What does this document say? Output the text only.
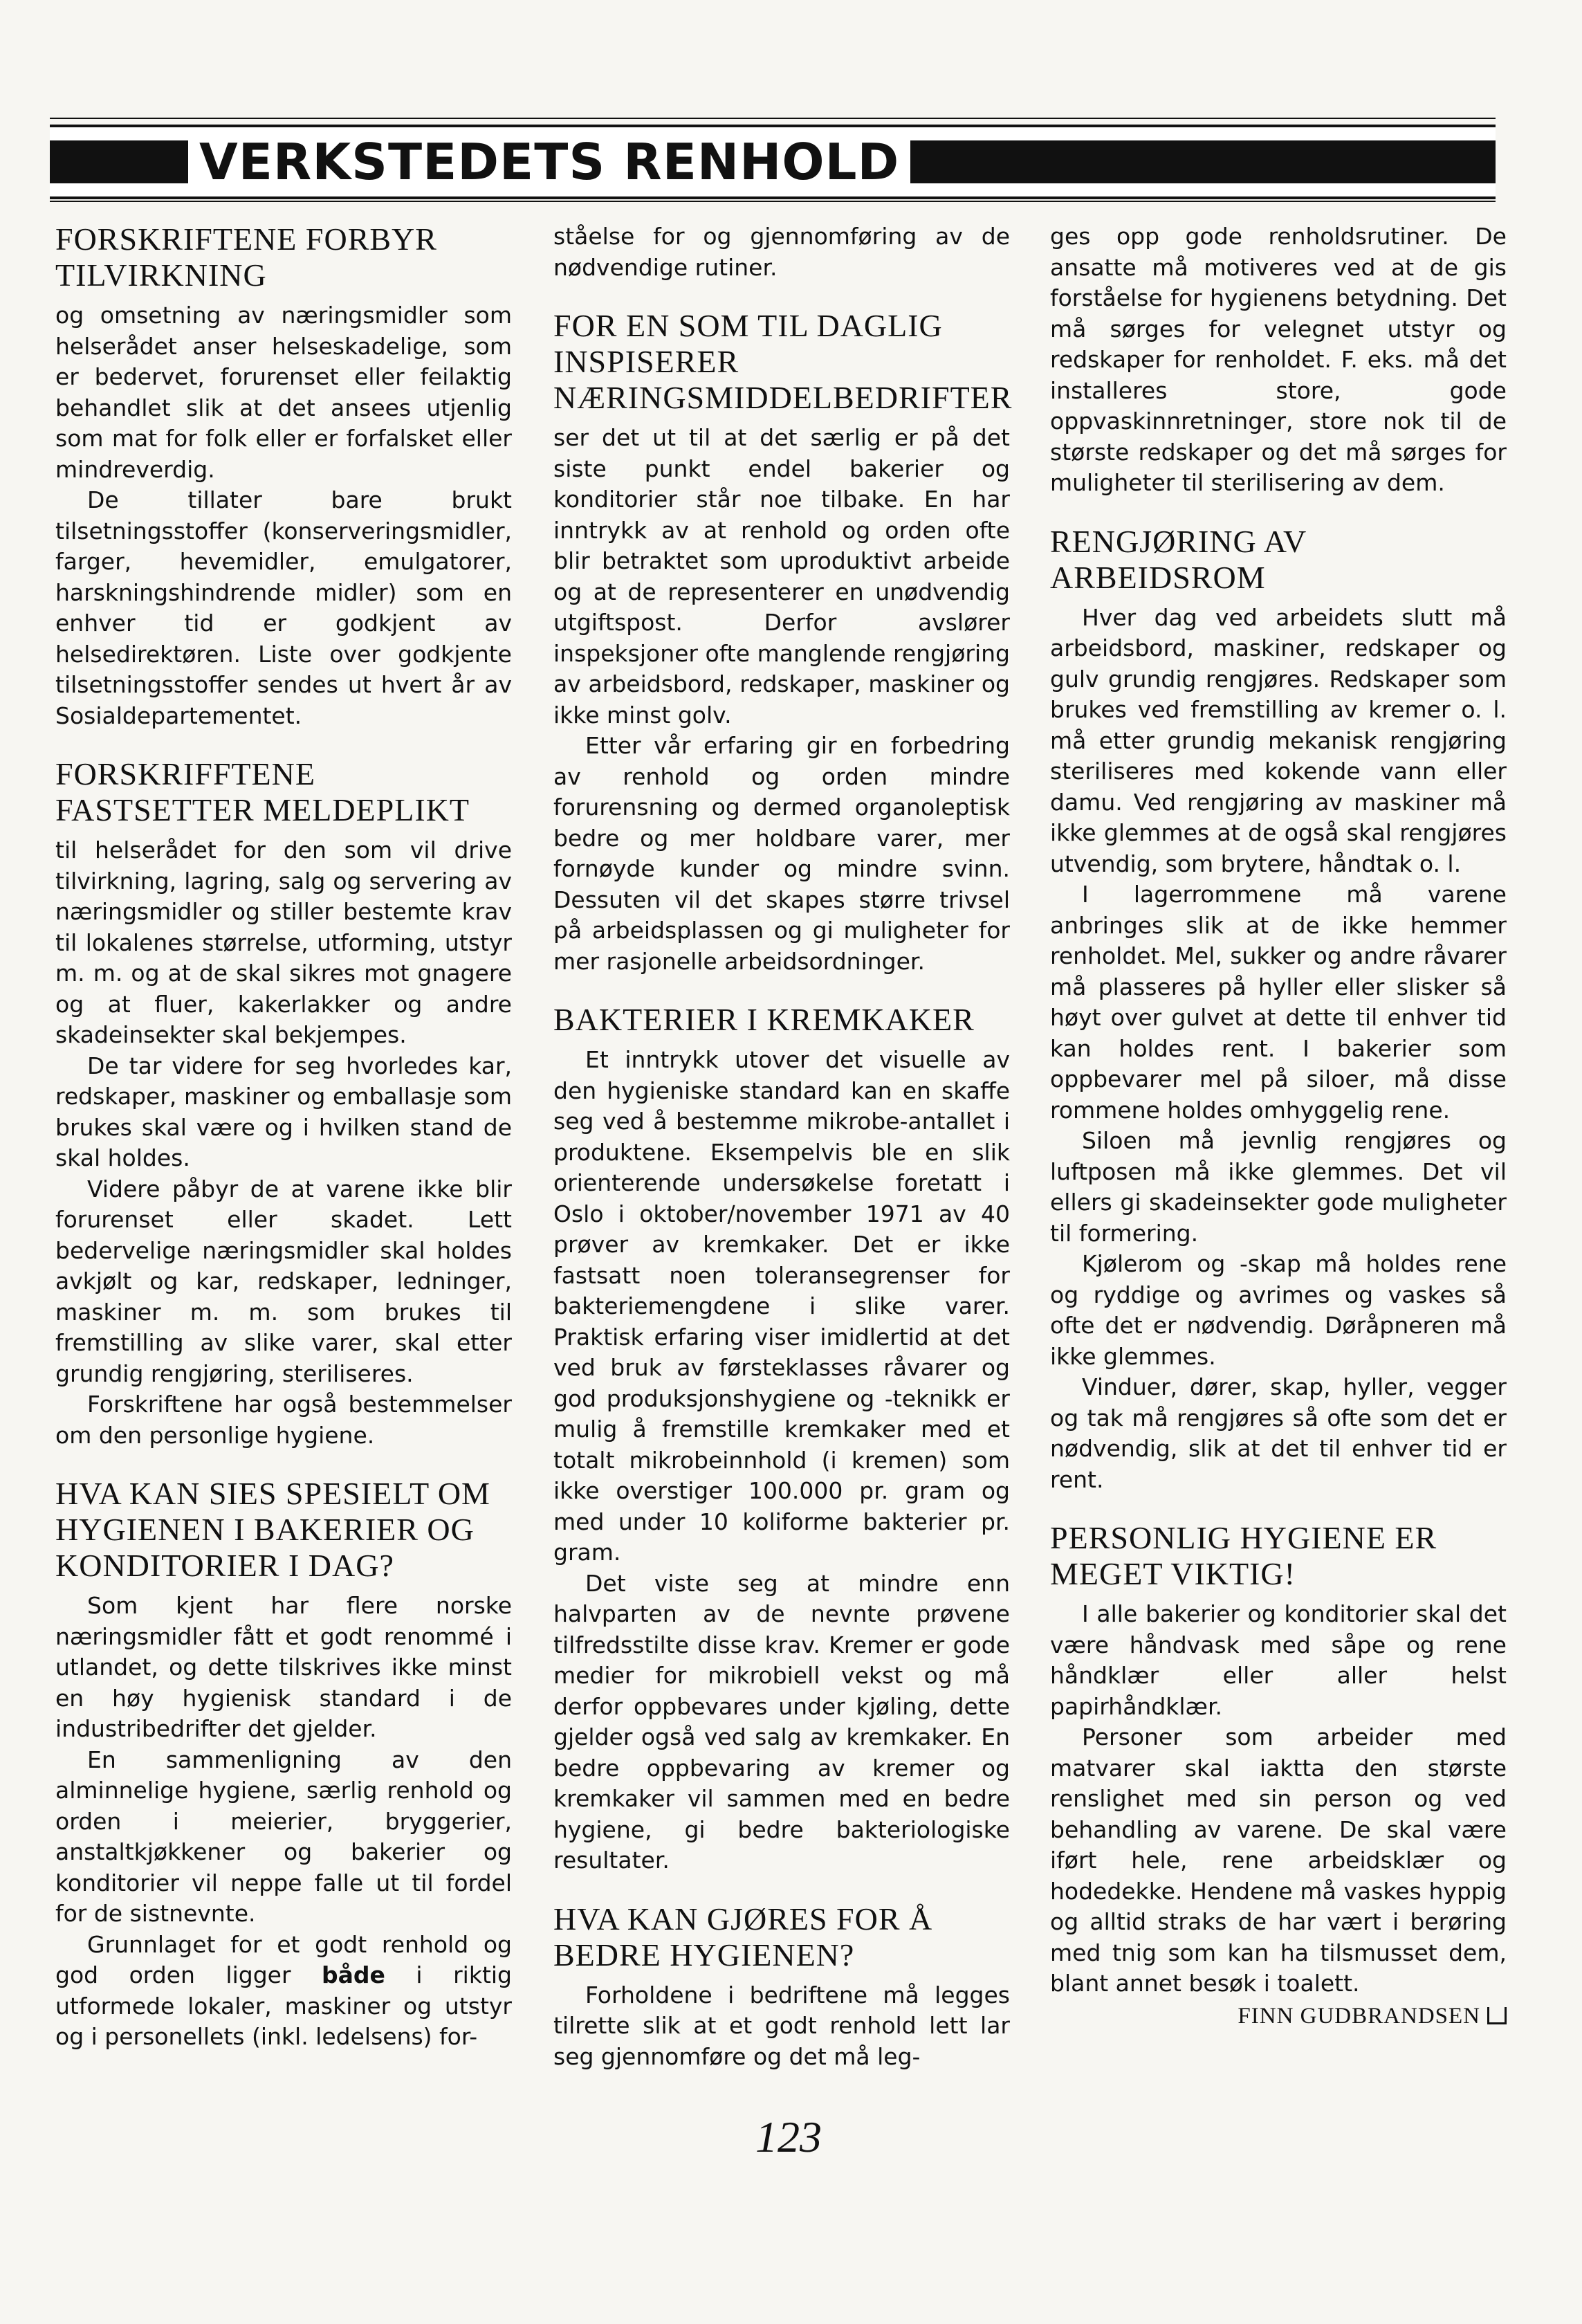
VERKSTEDETS RENHOLD
FORSKRIFTENE FORBYR TILVIRKNING

og omsetning av næringsmidler som helserådet anser helseskadelige, som er bedervet, forurenset eller feilaktig behandlet slik at det ansees utjenlig som mat for folk eller er forfalsket eller mindreverdig.

De tillater bare brukt tilsetningsstoffer (konserveringsmidler, farger, hevemidler, emulgatorer, harskningshindrende midler) som en enhver tid er godkjent av helsedirektøren. Liste over godkjente tilsetningsstoffer sendes ut hvert år av Sosialdepartementet.

FORSKRIFFTENE FASTSETTER MELDEPLIKT

til helserådet for den som vil drive tilvirkning, lagring, salg og servering av næringsmidler og stiller bestemte krav til lokalenes størrelse, utforming, utstyr m. m. og at de skal sikres mot gnagere og at fluer, kakerlakker og andre skadeinsekter skal bekjempes.

De tar videre for seg hvorledes kar, redskaper, maskiner og emballasje som brukes skal være og i hvilken stand de skal holdes.

Videre påbyr de at varene ikke blir forurenset eller skadet. Lett bedervelige næringsmidler skal holdes avkjølt og kar, redskaper, ledninger, maskiner m. m. som brukes til fremstilling av slike varer, skal etter grundig rengjøring, steriliseres.

Forskriftene har også bestemmelser om den personlige hygiene.

HVA KAN SIES SPESIELT OM HYGIENEN I BAKERIER OG KONDITORIER I DAG?

Som kjent har flere norske næringsmidler fått et godt renommé i utlandet, og dette tilskrives ikke minst en høy hygienisk standard i de industribedrifter det gjelder.

En sammenligning av den alminnelige hygiene, særlig renhold og orden i meierier, bryggerier, anstaltkjøkkener og bakerier og konditorier vil neppe falle ut til fordel for de sistnevnte.

Grunnlaget for et godt renhold og god orden ligger både i riktig utformede lokaler, maskiner og utstyr og i personellets (inkl. ledelsens) for-

ståelse for og gjennomføring av de nødvendige rutiner.

FOR EN SOM TIL DAGLIG INSPISERER NÆRINGSMIDDELBEDRIFTER

ser det ut til at det særlig er på det siste punkt endel bakerier og konditorier står noe tilbake. En har inntrykk av at renhold og orden ofte blir betraktet som uproduktivt arbeide og at de representerer en unødvendig utgiftspost. Derfor avslører inspeksjoner ofte manglende rengjøring av arbeidsbord, redskaper, maskiner og ikke minst golv.

Etter vår erfaring gir en forbedring av renhold og orden mindre forurensning og dermed organoleptisk bedre og mer holdbare varer, mer fornøyde kunder og mindre svinn. Dessuten vil det skapes større trivsel på arbeidsplassen og gi muligheter for mer rasjonelle arbeidsordninger.

BAKTERIER I KREMKAKER

Et inntrykk utover det visuelle av den hygieniske standard kan en skaffe seg ved å bestemme mikrobe-antallet i produktene. Eksempelvis ble en slik orienterende undersøkelse foretatt i Oslo i oktober/november 1971 av 40 prøver av kremkaker. Det er ikke fastsatt noen toleransegrenser for bakteriemengdene i slike varer. Praktisk erfaring viser imidlertid at det ved bruk av førsteklasses råvarer og god produksjonshygiene og -teknikk er mulig å fremstille kremkaker med et totalt mikrobeinnhold (i kremen) som ikke overstiger 100.000 pr. gram og med under 10 koliforme bakterier pr. gram.

Det viste seg at mindre enn halvparten av de nevnte prøvene tilfredsstilte disse krav. Kremer er gode medier for mikrobiell vekst og må derfor oppbevares under kjøling, dette gjelder også ved salg av kremkaker. En bedre oppbevaring av kremer og kremkaker vil sammen med en bedre hygiene, gi bedre bakteriologiske resultater.

HVA KAN GJØRES FOR Å BEDRE HYGIENEN?

Forholdene i bedriftene må legges tilrette slik at et godt renhold lett lar seg gjennomføre og det må leg-

ges opp gode renholdsrutiner. De ansatte må motiveres ved at de gis forståelse for hygienens betydning. Det må sørges for velegnet utstyr og redskaper for renholdet. F. eks. må det installeres store, gode oppvaskinnretninger, store nok til de største redskaper og det må sørges for muligheter til sterilisering av dem.

RENGJØRING AV ARBEIDSROM

Hver dag ved arbeidets slutt må arbeidsbord, maskiner, redskaper og gulv grundig rengjøres. Redskaper som brukes ved fremstilling av kremer o. l. må etter grundig mekanisk rengjøring steriliseres med kokende vann eller damu. Ved rengjøring av maskiner må ikke glemmes at de også skal rengjøres utvendig, som brytere, håndtak o. l.

I lagerrommene må varene anbringes slik at de ikke hemmer renholdet. Mel, sukker og andre råvarer må plasseres på hyller eller slisker så høyt over gulvet at dette til enhver tid kan holdes rent. I bakerier som oppbevarer mel på siloer, må disse rommene holdes omhyggelig rene.

Siloen må jevnlig rengjøres og luftposen må ikke glemmes. Det vil ellers gi skadeinsekter gode muligheter til formering.

Kjølerom og -skap må holdes rene og ryddige og avrimes og vaskes så ofte det er nødvendig. Døråpneren må ikke glemmes.

Vinduer, dører, skap, hyller, vegger og tak må rengjøres så ofte som det er nødvendig, slik at det til enhver tid er rent.

PERSONLIG HYGIENE ER MEGET VIKTIG!

I alle bakerier og konditorier skal det være håndvask med såpe og rene håndklær eller aller helst papirhåndklær.

Personer som arbeider med matvarer skal iaktta den største renslighet med sin person og ved behandling av varene. De skal være iført hele, rene arbeidsklær og hodedekke. Hendene må vaskes hyppig og alltid straks de har vært i berøring med tnig som kan ha tilsmusset dem, blant annet besøk i toalett.

FINN GUDBRANDSEN
123
